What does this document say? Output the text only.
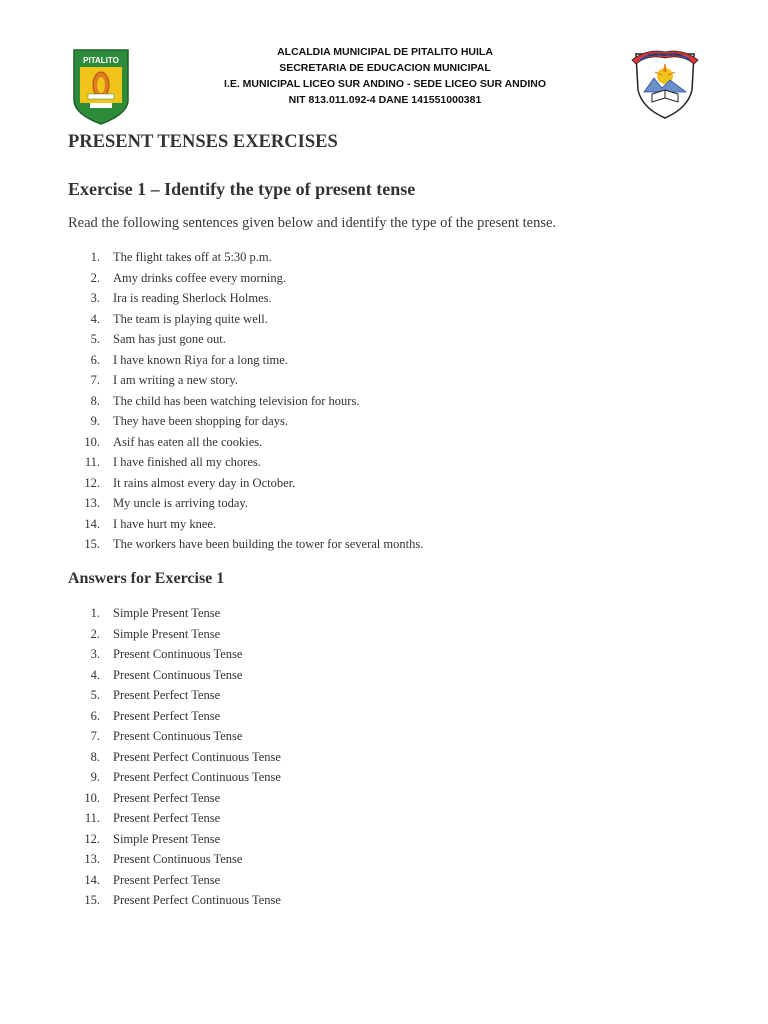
PITALITO
ALCALDIA MUNICIPAL DE PITALITO HUILA
SECRETARIA DE EDUCACION MUNICIPAL
I.E. MUNICIPAL LICEO SUR ANDINO - SEDE LICEO SUR ANDINO
NIT 813.011.092-4 DANE 141551000381
Liceo Sur Andino
PRESENT TENSES EXERCISES
Exercise 1 – Identify the type of present tense
Read the following sentences given below and identify the type of the present tense.
1. The flight takes off at 5:30 p.m.
2. Amy drinks coffee every morning.
3. Ira is reading Sherlock Holmes.
4. The team is playing quite well.
5. Sam has just gone out.
6. I have known Riya for a long time.
7. I am writing a new story.
8. The child has been watching television for hours.
9. They have been shopping for days.
10. Asif has eaten all the cookies.
11. I have finished all my chores.
12. It rains almost every day in October.
13. My uncle is arriving today.
14. I have hurt my knee.
15. The workers have been building the tower for several months.
Answers for Exercise 1
1. Simple Present Tense
2. Simple Present Tense
3. Present Continuous Tense
4. Present Continuous Tense
5. Present Perfect Tense
6. Present Perfect Tense
7. Present Continuous Tense
8. Present Perfect Continuous Tense
9. Present Perfect Continuous Tense
10. Present Perfect Tense
11. Present Perfect Tense
12. Simple Present Tense
13. Present Continuous Tense
14. Present Perfect Tense
15. Present Perfect Continuous Tense
